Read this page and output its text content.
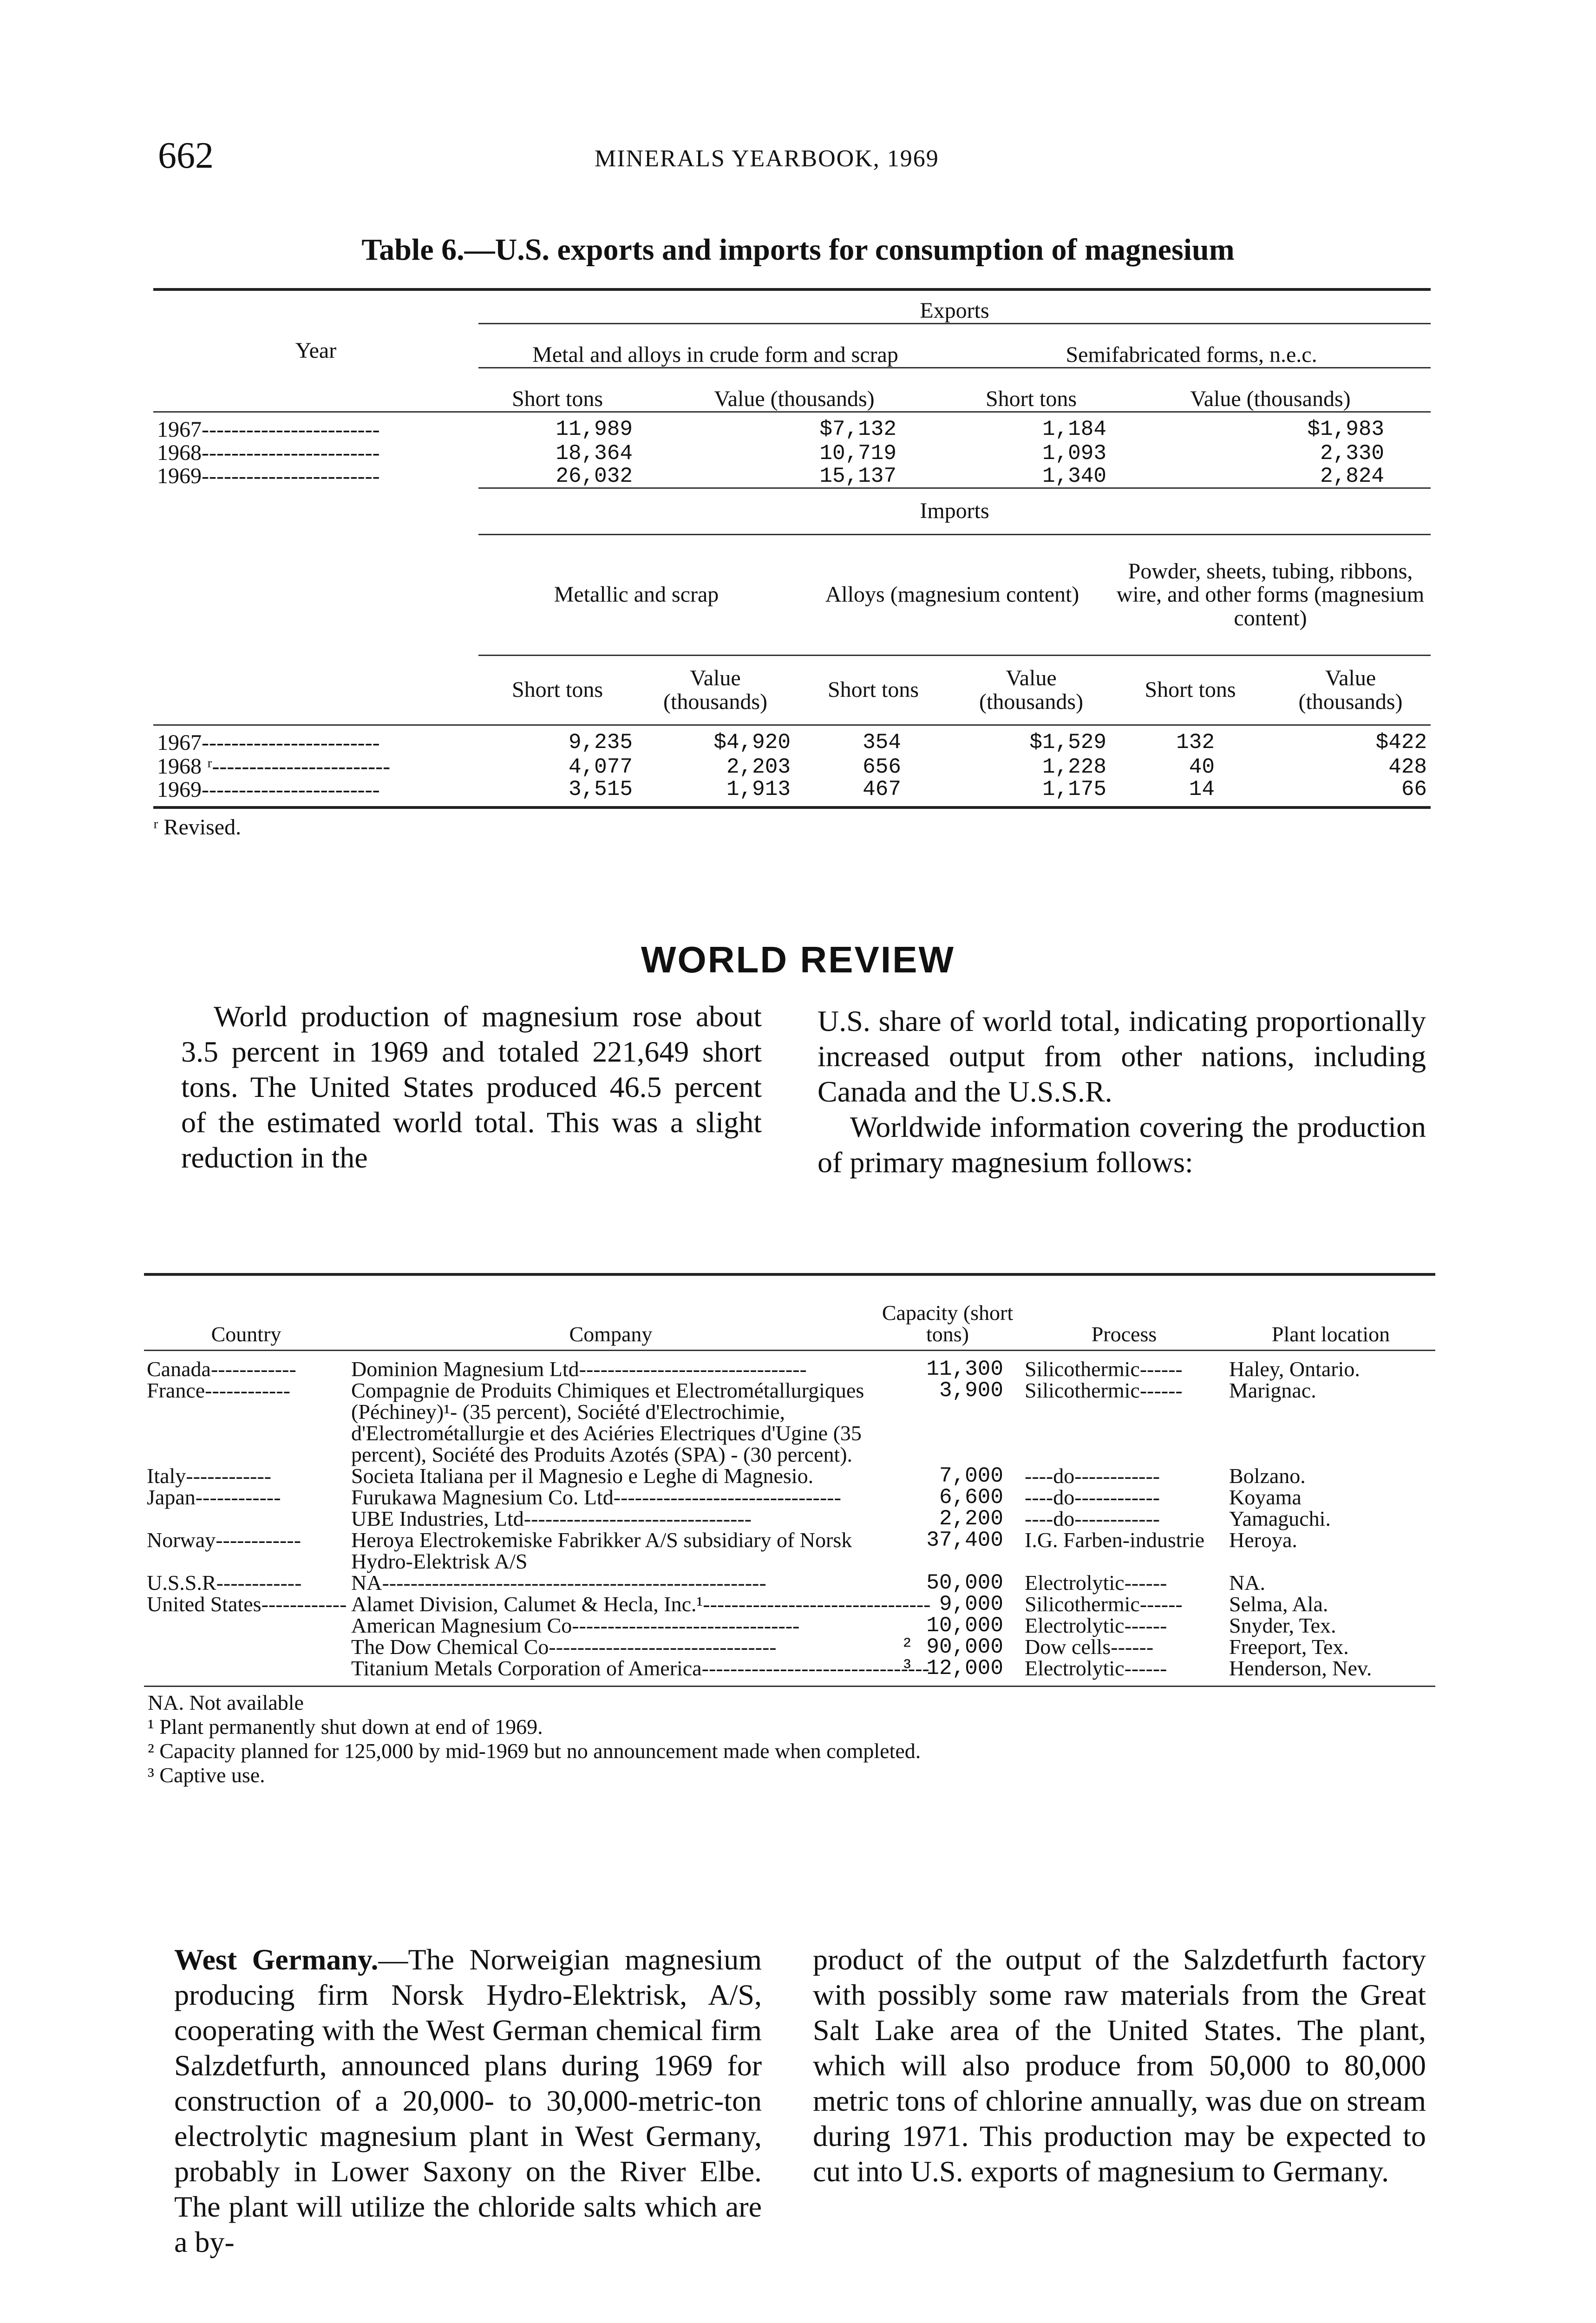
662	MINERALS YEARBOOK, 1969
Table 6.—U.S. exports and imports for consumption of magnesium
Year	Exports					
	Metal and alloys in crude form and scrap			Semifabricated forms, n.e.c.		
	Short tons	Value (thousands)		Short tons	Value (thousands)	
1967------------------------	11,989	$7,132		1,184	$1,983	
1968------------------------	18,364	10,719		1,093	2,330	
1969------------------------	26,032	15,137		1,340	2,824	
	Imports					
	Metallic and scrap		Alloys (magnesium content)		Powder, sheets, tubing, ribbons, wire, and other forms (magnesium content)	
	Short tons	Value (thousands)	Short tons	Value (thousands)	Short tons	Value (thousands)
1967------------------------	9,235	$4,920	354	$1,529	132	$422
1968 ʳ------------------------	4,077	2,203	656	1,228	40	428
1969------------------------	3,515	1,913	467	1,175	14	66
ʳ Revised.
WORLD REVIEW

World production of magnesium rose about 3.5 percent in 1969 and totaled 221,649 short tons. The United States produced 46.5 percent of the estimated world total. This was a slight reduction in the

U.S. share of world total, indicating proportionally increased output from other nations, including Canada and the U.S.S.R.

Worldwide information covering the production of primary magnesium follows:

Country	Company	Capacity (short tons)	Process	Plant location
Canada------------	Dominion Magnesium Ltd--------------------------------	11,300	Silicothermic------	Haley, Ontario.
France------------	Compagnie de Produits Chimiques et Electrométallurgiques (Péchiney)¹- (35 percent), Société d'Electrochimie, d'Electrométallurgie et des Aciéries Electriques d'Ugine (35 percent), Société des Produits Azotés (SPA) - (30 percent).	3,900	Silicothermic------	Marignac.
Italy------------	Societa Italiana per il Magnesio e Leghe di Magnesio.	7,000	----do------------	Bolzano.
Japan------------	Furukawa Magnesium Co. Ltd--------------------------------	6,600	----do------------	Koyama
	UBE Industries, Ltd--------------------------------	2,200	----do------------	Yamaguchi.
Norway------------	Heroya Electrokemiske Fabrikker A/S subsidiary of Norsk Hydro-Elektrisk A/S	37,400	I.G. Farben-industrie	Heroya.
U.S.S.R------------	NA------------------------------------------------------	50,000	Electrolytic------	NA.
United States------------	Alamet Division, Calumet & Hecla, Inc.¹--------------------------------	9,000	Silicothermic------	Selma, Ala.
	American Magnesium Co--------------------------------	10,000	Electrolytic------	Snyder, Tex.
	The Dow Chemical Co--------------------------------	² 90,000	Dow cells------	Freeport, Tex.
	Titanium Metals Corporation of America--------------------------------	³ 12,000	Electrolytic------	Henderson, Nev.
NA. Not available
¹ Plant permanently shut down at end of 1969.
² Capacity planned for 125,000 by mid-1969 but no announcement made when completed.
³ Captive use.

West Germany.—The Norweigian magnesium producing firm Norsk Hydro-Elektrisk, A/S, cooperating with the West German chemical firm Salzdetfurth, announced plans during 1969 for construction of a 20,000- to 30,000-metric-ton electrolytic magnesium plant in West Germany, probably in Lower Saxony on the River Elbe. The plant will utilize the chloride salts which are a by-

product of the output of the Salzdetfurth factory with possibly some raw materials from the Great Salt Lake area of the United States. The plant, which will also produce from 50,000 to 80,000 metric tons of chlorine annually, was due on stream during 1971. This production may be expected to cut into U.S. exports of magnesium to Germany.
